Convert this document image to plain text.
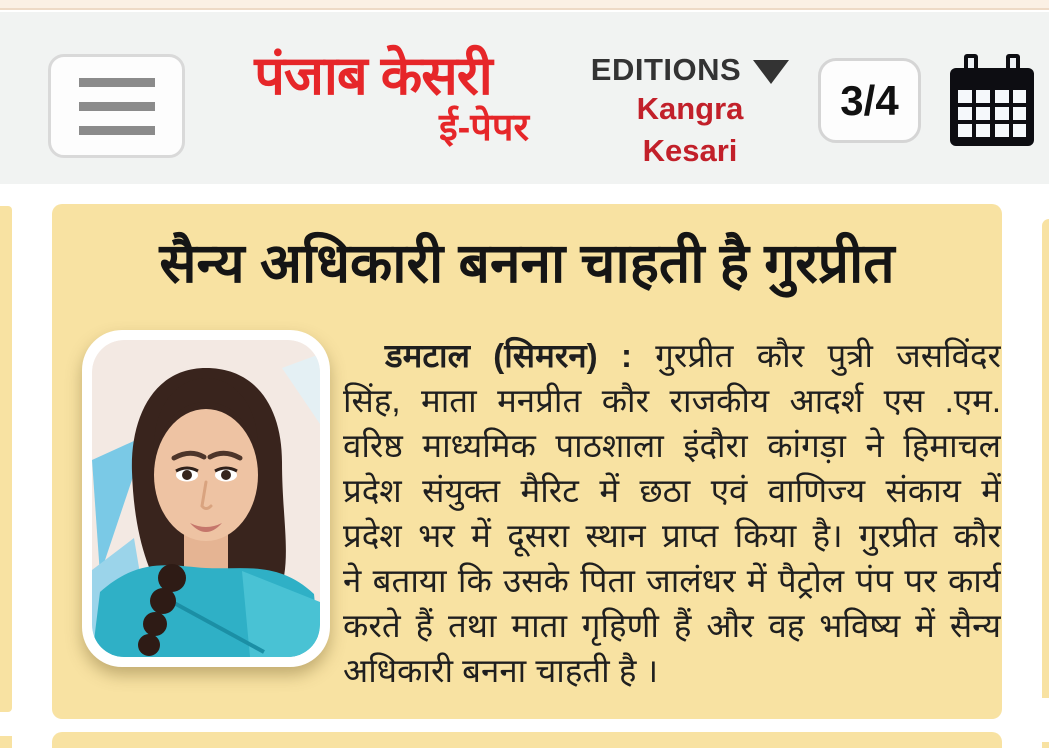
पंजाब केसरी
ई-पेपर
EDITIONS
Kangra
Kesari
3/4
सैन्य अधिकारी बनना चाहती है गुरप्रीत
डमटाल (सिमरन) : गुरप्रीत कौर पुत्री जसविंदर
सिंह, माता मनप्रीत कौर राजकीय आदर्श एस .एम.
वरिष्ठ माध्यमिक पाठशाला इंदौरा कांगड़ा ने हिमाचल
प्रदेश संयुक्त मैरिट में छठा एवं वाणिज्य संकाय में
प्रदेश भर में दूसरा स्थान प्राप्त किया है। गुरप्रीत कौर
ने बताया कि उसके पिता जालंधर में पैट्रोल पंप पर कार्य
करते हैं तथा माता गृहिणी हैं और वह भविष्य में सैन्य
अधिकारी बनना चाहती है ।
